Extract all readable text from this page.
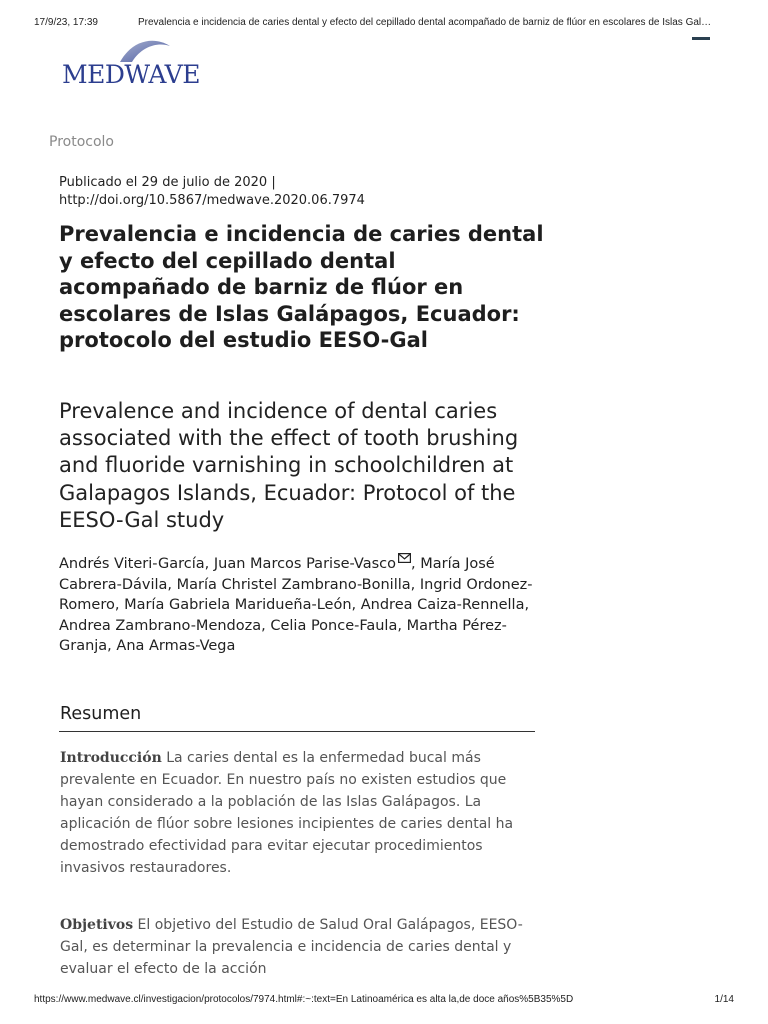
17/9/23, 17:39	Prevalencia e incidencia de caries dental y efecto del cepillado dental acompañado de barniz de flúor en escolares de Islas Gal…
MEDWAVE
Protocolo
Publicado el 29 de julio de 2020 |
http://doi.org/10.5867/medwave.2020.06.7974
Prevalencia e incidencia de caries dental y efecto del cepillado dental acompañado de barniz de flúor en escolares de Islas Galápagos, Ecuador: protocolo del estudio EESO-Gal
Prevalence and incidence of dental caries associated with the effect of tooth brushing and fluoride varnishing in schoolchildren at Galapagos Islands, Ecuador: Protocol of the EESO-Gal study
Andrés Viteri-García, Juan Marcos Parise-Vasco , María José Cabrera-Dávila, María Christel Zambrano-Bonilla, Ingrid Ordonez-Romero, María Gabriela Maridueña-León, Andrea Caiza-Rennella, Andrea Zambrano-Mendoza, Celia Ponce-Faula, Martha Pérez-Granja, Ana Armas-Vega
Resumen

Introducción La caries dental es la enfermedad bucal más prevalente en Ecuador. En nuestro país no existen estudios que hayan considerado a la población de las Islas Galápagos. La aplicación de flúor sobre lesiones incipientes de caries dental ha demostrado efectividad para evitar ejecutar procedimientos invasivos restauradores.

Objetivos El objetivo del Estudio de Salud Oral Galápagos, EESO-Gal, es determinar la prevalencia e incidencia de caries dental y evaluar el efecto de la acción

https://www.medwave.cl/investigacion/protocolos/7974.html#:~:text=En Latinoamérica es alta la,de doce años%5B35%5D	1/14
